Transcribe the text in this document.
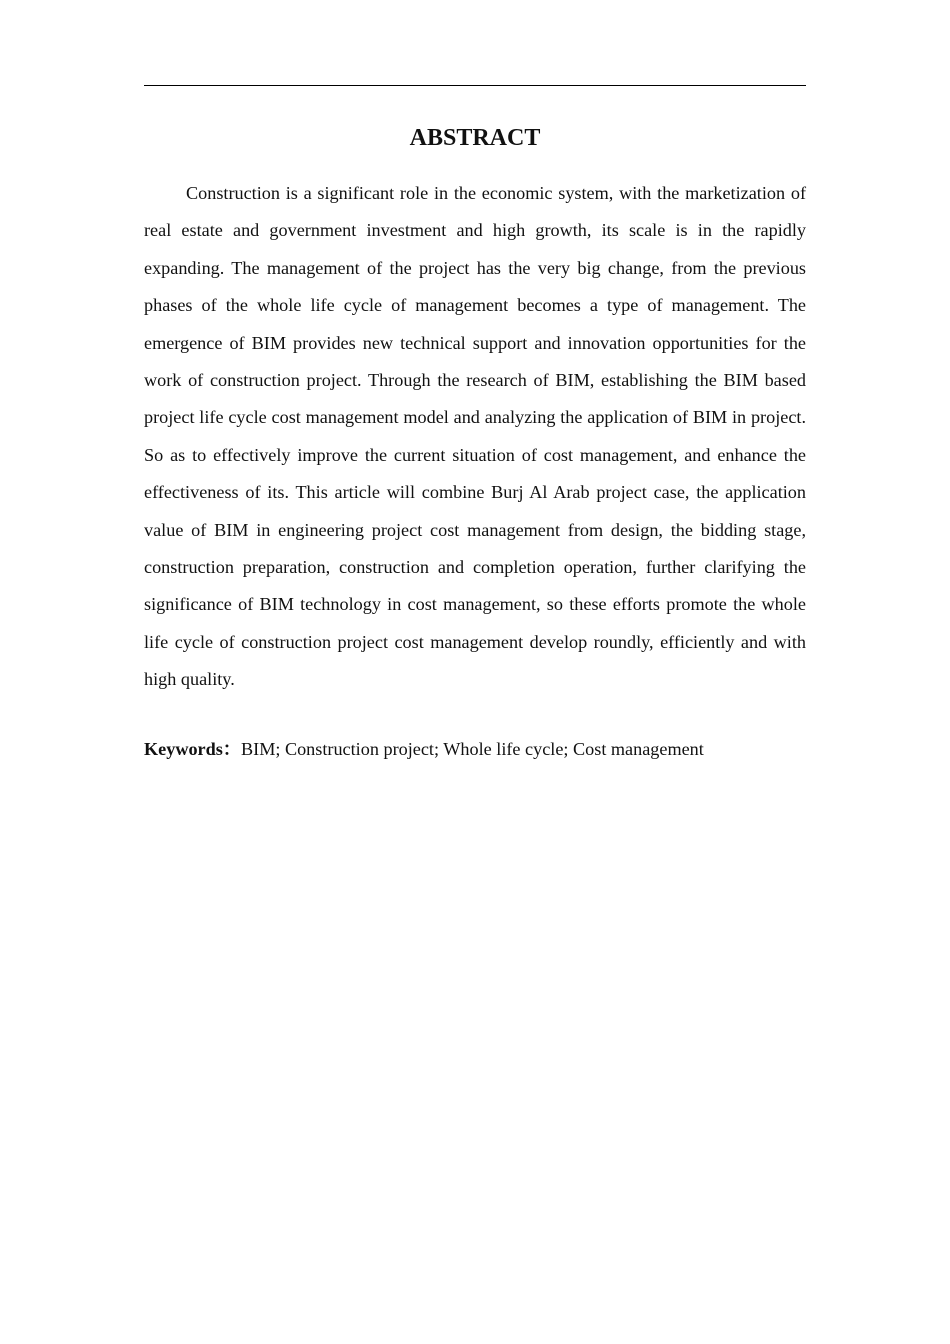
ABSTRACT

Construction is a significant role in the economic system, with the marketization of real estate and government investment and high growth, its scale is in the rapidly expanding. The management of the project has the very big change, from the previous phases of the whole life cycle of management becomes a type of management. The emergence of BIM provides new technical support and innovation opportunities for the work of construction project. Through the research of BIM, establishing the BIM based project life cycle cost management model and analyzing the application of BIM in project. So as to effectively improve the current situation of cost management, and enhance the effectiveness of its. This article will combine Burj Al Arab project case, the application value of BIM in engineering project cost management from design, the bidding stage, construction preparation, construction and completion operation, further clarifying the significance of BIM technology in cost management, so these efforts promote the whole life cycle of construction project cost management develop roundly, efficiently and with high quality.

Keywords：BIM; Construction project; Whole life cycle; Cost management
